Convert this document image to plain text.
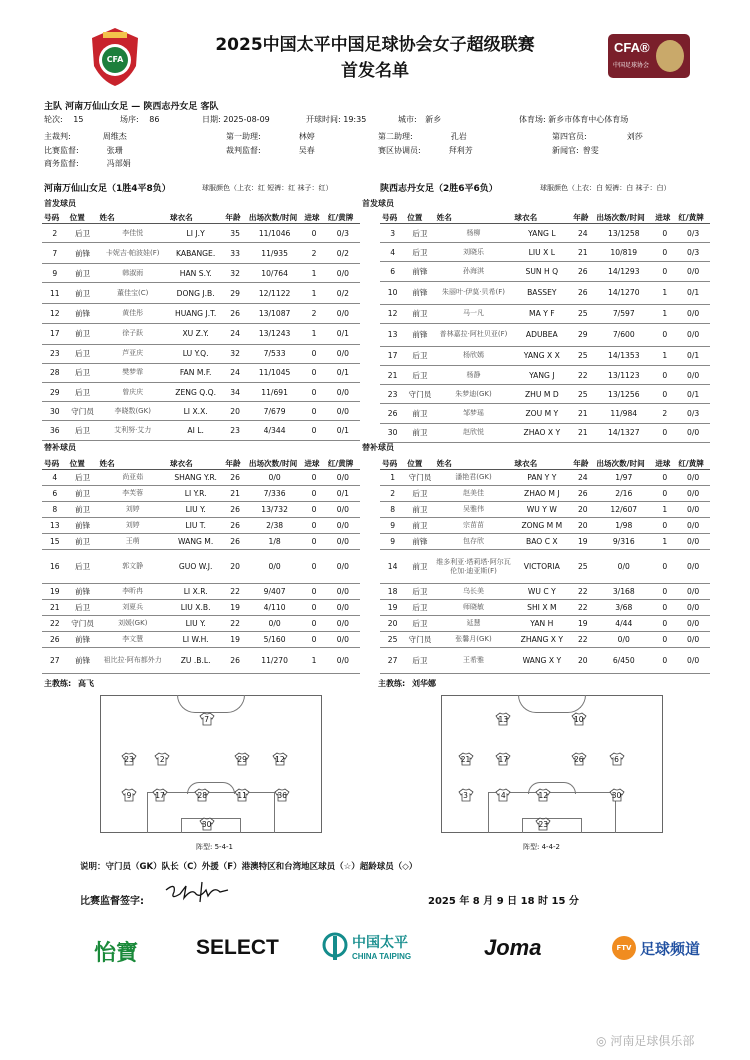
CFA
2025中国太平中国足球协会女子超级联赛
首发名单
CFA®
中国足球协会
主队 河南万仙山女足 — 陕西志丹女足 客队
轮次: 15	场序: 86	日期: 2025-08-09	开球时间: 19:35	城市: 新乡	体育场: 新乡市体育中心体育场
主裁判:	周维杰	第一助理:	林婷	第二助理:	孔岩	第四官员:	刘莎
比赛监督:	张珊	裁判监督:	吴春	赛区协调员:	拜利芳	新闻官: 曾雯
商务监督:	冯部娟
河南万仙山女足（1胜4平8负）	球服颜色（上衣：红 短裤：红 袜子：红）	陕西志丹女足（2胜6平6负）	球服颜色（上衣：白 短裤：白 袜子：白）
首发球员	首发球员
号码	位置	姓名	球衣名	年龄	出场次数/时间	进球	红/黄牌
2	后卫	李佳悦	LI J.Y	35	11/1046	0	0/3
7	前锋	卡妮吉·帕波娃(F)	KABANGE.	33	11/935	2	0/2
9	前卫	韩淑雨	HAN S.Y.	32	10/764	1	0/0
11	前卫	董佳宝(C)	DONG J.B.	29	12/1122	1	0/2
12	前锋	黄佳彤	HUANG J.T.	26	13/1087	2	0/0
17	前卫	徐子跃	XU Z.Y.	24	13/1243	1	0/1
23	后卫	芦亚庆	LU Y.Q.	32	7/533	0	0/0
28	后卫	樊梦霏	FAN M.F.	24	11/1045	0	0/1
29	后卫	曾庆庆	ZENG Q.Q.	34	11/691	0	0/0
30	守门员	李晓数(GK)	LI X.X.	20	7/679	0	0/0
36	后卫	艾利努·艾力	AI L.	23	4/344	0	0/1
号码	位置	姓名	球衣名	年龄	出场次数/时间	进球	红/黄牌
3	后卫	杨柳	YANG L	24	13/1258	0	0/3
4	后卫	刘晓乐	LIU X L	21	10/819	0	0/3
6	前锋	孙海淇	SUN H Q	26	14/1293	0	0/0
10	前锋	朱丽叶·伊莫·贝希(F)	BASSEY	26	14/1270	1	0/1
12	前卫	马一凡	MA Y F	25	7/597	1	0/0
13	前锋	普林嘉拉·阿杜贝亚(F)	ADUBEA	29	7/600	0	0/0
17	后卫	杨欣嫣	YANG X X	25	14/1353	1	0/1
21	后卫	杨静	YANG J	22	13/1123	0	0/0
23	守门员	朱梦迪(GK)	ZHU M D	25	13/1256	0	0/1
26	前卫	邹梦瑶	ZOU M Y	21	11/984	2	0/3
30	前卫	赵欣悦	ZHAO X Y	21	14/1327	0	0/0
替补球员	替补球员
号码	位置	姓名	球衣名	年龄	出场次数/时间	进球	红/黄牌
4	后卫	尚亚茹	SHANG Y.R.	26	0/0	0	0/0
6	前卫	李芙蓉	LI Y.R.	21	7/336	0	0/1
8	前卫	刘婷	LIU Y.	26	13/732	0	0/0
13	前锋	刘婷	LIU T.	26	2/38	0	0/0
15	前卫	王萌	WANG M.	26	1/8	0	0/0
16	后卫	郭文静	GUO W.J.	20	0/0	0	0/0
19	前锋	李昕冉	LI X.R.	22	9/407	0	0/0
21	后卫	刘夏兵	LIU X.B.	19	4/110	0	0/0
22	守门员	刘媛(GK)	LIU Y.	22	0/0	0	0/0
26	前锋	李文慧	LI W.H.	19	5/160	0	0/0
27	前锋	祖比拉·阿布都外力	ZU .B.L.	26	11/270	1	0/0
号码	位置	姓名	球衣名	年龄	出场次数/时间	进球	红/黄牌
1	守门员	潘艳君(GK)	PAN Y Y	24	1/97	0	0/0
2	后卫	赵美佳	ZHAO M J	26	2/16	0	0/0
8	前卫	吴雅伟	WU Y W	20	12/607	1	0/0
9	前卫	宗苗苗	ZONG M M	20	1/98	0	0/0
9	前锋	包存欣	BAO C X	19	9/316	1	0/0
14	前卫	维多利亚·塔莉塔·阿尔瓦伦加·迪亚斯(F)	VICTORIA	25	0/0	0	0/0
18	后卫	乌长美	WU C Y	22	3/168	0	0/0
19	后卫	师晓敏	SHI X M	22	3/68	0	0/0
20	后卫	延慧	YAN H	19	4/44	0	0/0
25	守门员	张馨月(GK)	ZHANG X Y	22	0/0	0	0/0
27	后卫	王希雅	WANG X Y	20	6/450	0	0/0
主教练: 高飞	主教练: 刘华娜
7
23	2	29	12
9	17	28	11	36
30
阵型: 5-4-1
13	10
21	17	26	6
3	4	12	30
23
阵型: 4-4-2
说明：守门员（GK）队长（C）外援（F）港澳特区和台湾地区球员（☆）超龄球员（◇）
比赛监督签字:	2025 年 8 月 9 日 18 时 15 分
怡寶	SELECT	中国太平
CHINA TAIPING	Joma	FTV 足球频道
◎ 河南足球俱乐部
